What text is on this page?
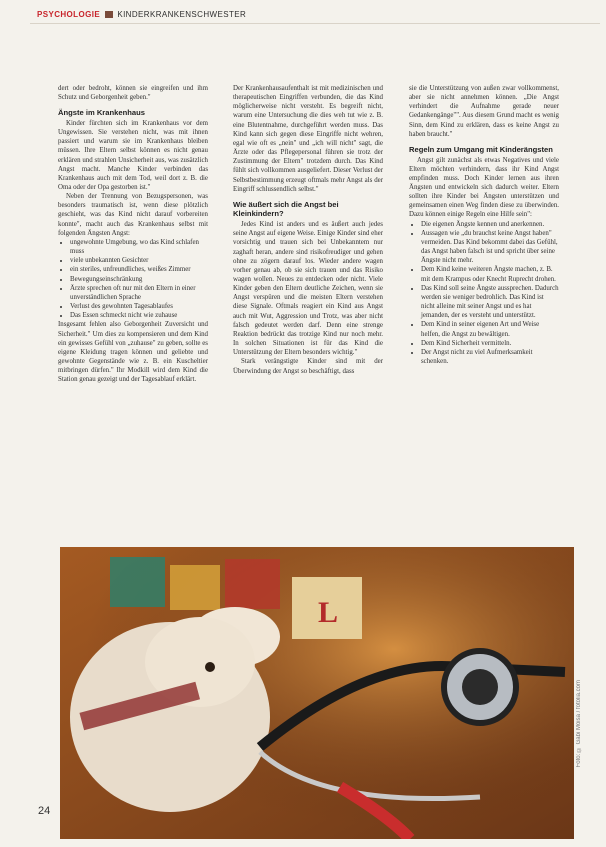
PSYCHOLOGIE KINDERKRANKENSCHWESTER

dert oder bedroht, können sie eingreifen und ihm Schutz und Geborgenheit geben."

Ängste im Krankenhaus

Kinder fürchten sich im Krankenhaus vor dem Ungewissen. Sie verstehen nicht, was mit ihnen passiert und warum sie im Krankenhaus bleiben müssen. Ihre Eltern selbst können es nicht genau erklären und strahlen Unsicherheit aus, was zusätzlich Angst macht. Manche Kinder verbinden das Krankenhaus auch mit dem Tod, weil dort z. B. die Oma oder der Opa gestorben ist."

Neben der Trennung von Bezugspersonen, was besonders traumatisch ist, wenn diese plötzlich geschieht, was das Kind nicht darauf vorbereiten konnte", macht auch das Krankenhaus selbst mit folgenden Ängsten Angst:

• ungewohnte Umgebung, wo das Kind schlafen muss
• viele unbekannten Gesichter
• ein steriles, unfreundliches, weißes Zimmer
• Bewegungseinschränkung
• Ärzte sprechen oft nur mit den Eltern in einer unverständlichen Sprache
• Verlust des gewohnten Tagesablaufes
• Das Essen schmeckt nicht wie zuhause

Insgesamt fehlen also Geborgenheit Zuversicht und Sicherheit." Um dies zu kompensieren und dem Kind ein gewisses Gefühl von „zuhause" zu geben, sollte es eigene Kleidung tragen können und geliebte und gewohnte Gegenstände wie z. B. ein Kuscheltier mitbringen dürfen." Ihr Modkill wird dem Kind die Station genau gezeigt und der Tagesablauf erklärt.

Der Krankenhausaufenthalt ist mit medizinischen und therapeutischen Eingriffen verbunden, die das Kind möglicherweise nicht versteht. Es begreift nicht, warum eine Untersuchung die dies weh tut wie z. B. eine Blutentnahme, durchgeführt werden muss. Das Kind kann sich gegen diese Eingriffe nicht wehren, egal wie oft es „nein" und „ich will nicht" sagt, die Ärzte oder das Pflegepersonal führen sie trotz der Zustimmung der Eltern" trotzdem durch. Das Kind fühlt sich vollkommen ausgeliefert. Dieser Verlust der Selbstbestimmung erzeugt oftmals mehr Angst als der Eingriff schlussendlich selbst."

Wie äußert sich die Angst bei Kleinkindern?

Jedes Kind ist anders und es äußert auch jedes seine Angst auf eigene Weise. Einige Kinder sind eher vorsichtig und trauen sich bei Unbekanntem nur zaghaft heran, andere sind risikofreudiger und gehen ohne zu zögern darauf los. Wieder andere wagen vorher genau ab, ob sie sich trauen und das Risiko wagen wollen. Neues zu entdecken oder nicht. Viele Kinder geben den Eltern deutliche Zeichen, wenn sie Angst verspüren und die meisten Eltern verstehen diese Signale. Oftmals reagiert ein Kind aus Angst auch mit Wut, Aggression und Trotz, was aber nicht falsch gedeutet werden darf. Denn eine strenge Reaktion bedrückt das trotzige Kind nur noch mehr. In solchen Situationen ist für das Kind die Unterstützung der Eltern besonders wichtig."

Stark verängstigte Kinder sind mit der Überwindung der Angst so beschäftigt, dass

sie die Unterstützung von außen zwar vollkommenst, aber sie nicht annehmen können. „Die Angst verhindert die Aufnahme gerade neuer Gedankengänge"". Aus diesem Grund macht es wenig Sinn, dem Kind zu erklären, dass es keine Angst zu haben braucht."

Regeln zum Umgang mit Kinderängsten

Angst gilt zunächst als etwas Negatives und viele Eltern möchten verhindern, dass ihr Kind Angst empfinden muss. Doch Kinder lernen aus ihren Ängsten und entwickeln sich dadurch weiter. Eltern sollten ihre Kinder bei Ängsten unterstützen und gemeinsamen einen Weg finden diese zu überwinden. Dazu können einige Regeln eine Hilfe sein":

• Die eigenen Ängste kennen und anerkennen.
• Aussagen wie „du brauchst keine Angst haben" vermeiden. Das Kind bekommt dabei das Gefühl, das Angst haben falsch ist und spricht über seine Ängste nicht mehr.
• Dem Kind keine weiteren Ängste machen, z. B. mit dem Krampus oder Knecht Ruprecht drohen.
• Das Kind soll seine Ängste aussprechen. Dadurch werden sie weniger bedrohlich. Das Kind ist nicht alleine mit seiner Angst und es hat jemanden, der es versteht und unterstützt.
• Dem Kind in seiner eigenen Art und Weise helfen, die Angst zu bewältigen.
• Dem Kind Sicherheit vermitteln.
• Der Angst nicht zu viel Aufmerksamkeit schenken.
L
Foto: © Gabi Moisa / fotolia.com
24
